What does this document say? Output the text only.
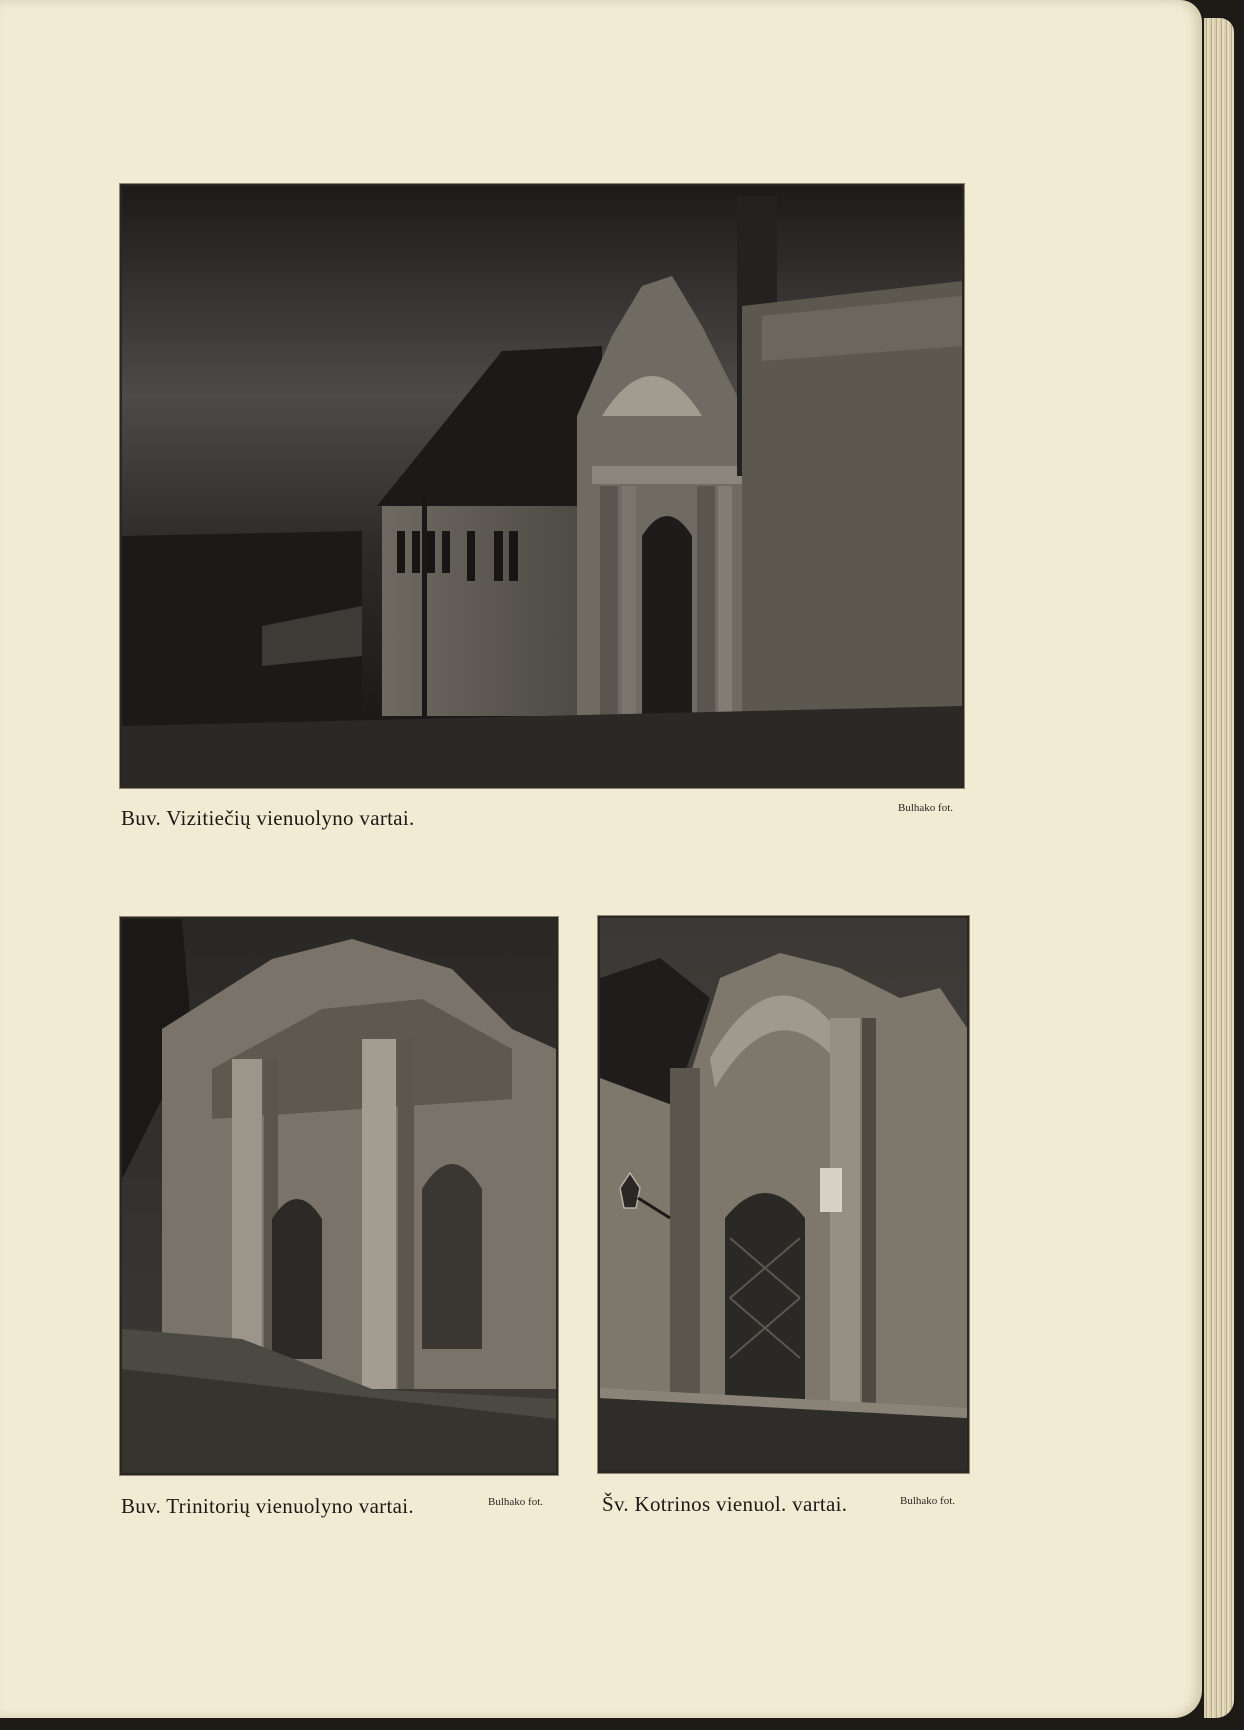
Buv. Vizitiečių vienuolyno vartai.	Bulhako fot.
Buv. Trinitorių vienuolyno vartai.	Bulhako fot.	Šv. Kotrinos vienuol. vartai.	Bulhako fot.
